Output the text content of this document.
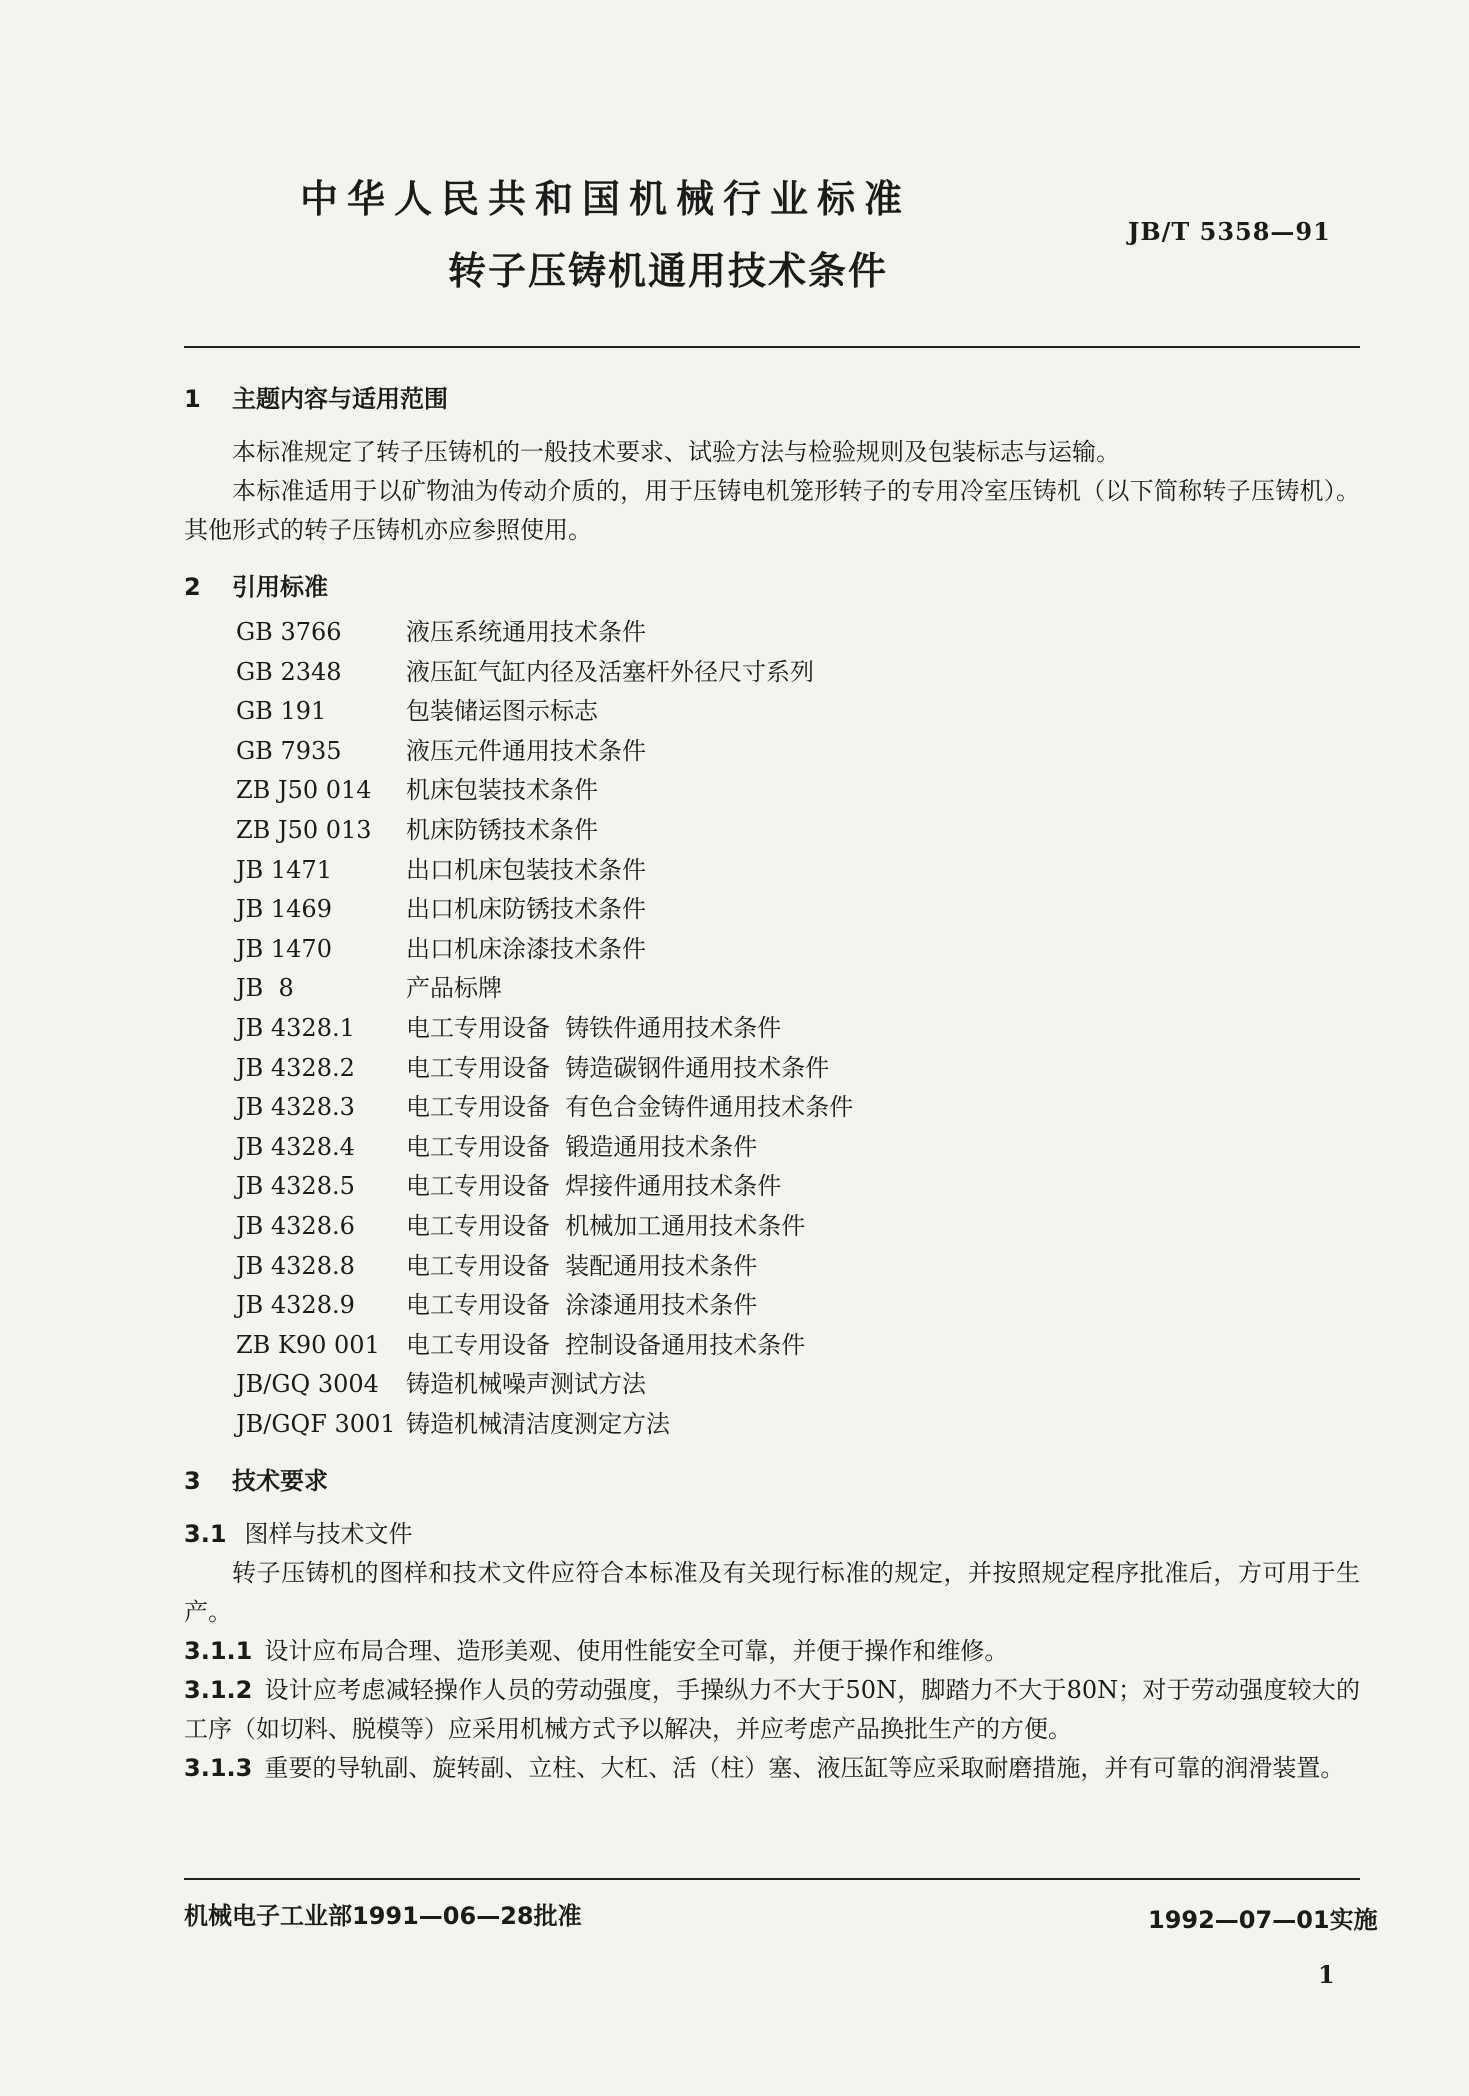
中华人民共和国机械行业标准
JB/T 5358—91
转子压铸机通用技术条件

1 主题内容与适用范围

本标准规定了转子压铸机的一般技术要求、试验方法与检验规则及包装标志与运输。

本标准适用于以矿物油为传动介质的，用于压铸电机笼形转子的专用冷室压铸机（以下简称转子压铸机）。其他形式的转子压铸机亦应参照使用。

2 引用标准

GB 3766	液压系统通用技术条件
GB 2348	液压缸气缸内径及活塞杆外径尺寸系列
GB 191	包装储运图示标志
GB 7935	液压元件通用技术条件
ZB J50 014	机床包装技术条件
ZB J50 013	机床防锈技术条件
JB 1471	出口机床包装技术条件
JB 1469	出口机床防锈技术条件
JB 1470	出口机床涂漆技术条件
JB  8	产品标牌
JB 4328.1	电工专用设备  铸铁件通用技术条件
JB 4328.2	电工专用设备  铸造碳钢件通用技术条件
JB 4328.3	电工专用设备  有色合金铸件通用技术条件
JB 4328.4	电工专用设备  锻造通用技术条件
JB 4328.5	电工专用设备  焊接件通用技术条件
JB 4328.6	电工专用设备  机械加工通用技术条件
JB 4328.8	电工专用设备  装配通用技术条件
JB 4328.9	电工专用设备  涂漆通用技术条件
ZB K90 001	电工专用设备  控制设备通用技术条件
JB/GQ 3004	铸造机械噪声测试方法
JB/GQF 3001 铸造机械清洁度测定方法

3 技术要求

3.1 图样与技术文件

转子压铸机的图样和技术文件应符合本标准及有关现行标准的规定，并按照规定程序批准后，方可用于生产。

3.1.1 设计应布局合理、造形美观、使用性能安全可靠，并便于操作和维修。

3.1.2 设计应考虑减轻操作人员的劳动强度，手操纵力不大于50N，脚踏力不大于80N；对于劳动强度较大的工序（如切料、脱模等）应采用机械方式予以解决，并应考虑产品换批生产的方便。

3.1.3 重要的导轨副、旋转副、立柱、大杠、活（柱）塞、液压缸等应采取耐磨措施，并有可靠的润滑装置。

机械电子工业部1991—06—28批准	1992—07—01实施
1
